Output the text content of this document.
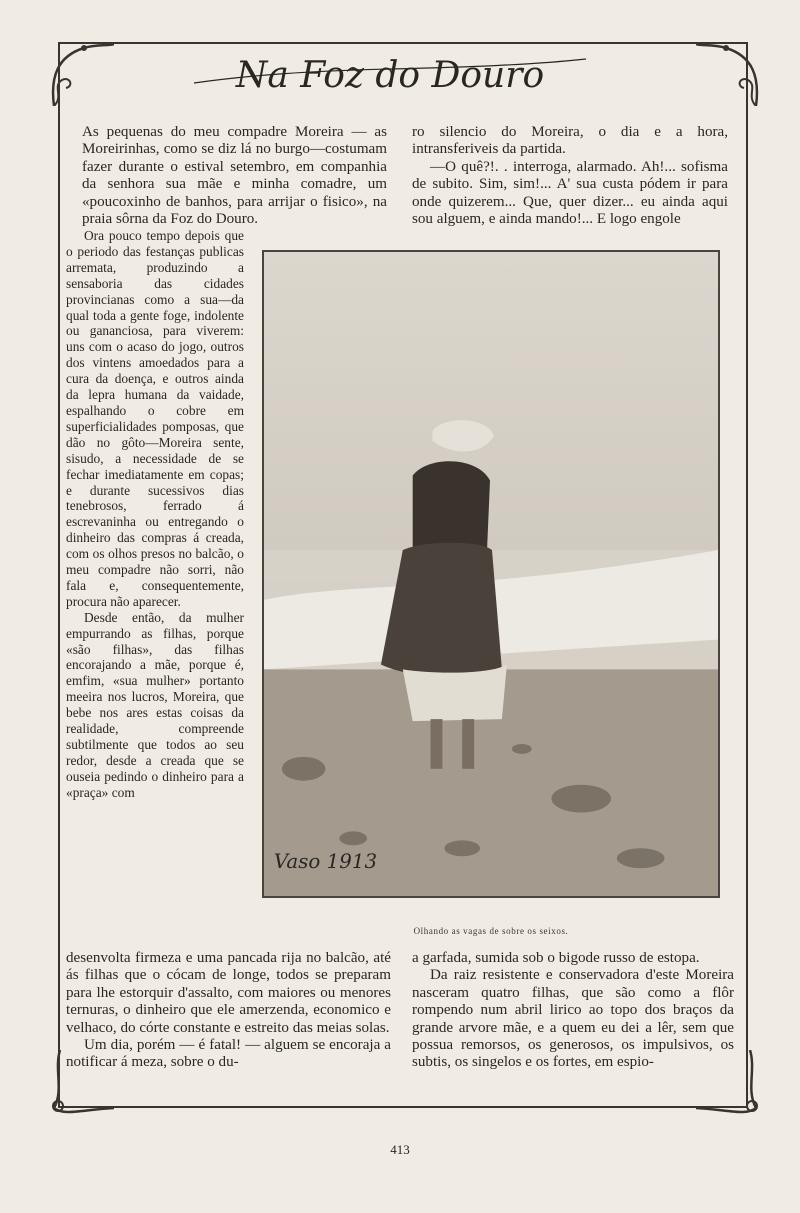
Na Foz do Douro

As pequenas do meu compadre Moreira — as Moreirinhas, como se diz lá no burgo—costumam fazer durante o estival setembro, em companhia da senhora sua mãe e minha comadre, um «poucoxinho de banhos, para arrijar o fisico», na praia sôrna da Foz do Douro.

ro silencio do Moreira, o dia e a hora, intransferiveis da partida.

—O quê?!. . interroga, alarmado. Ah!... sofisma de subito. Sim, sim!... A' sua custa pódem ir para onde quizerem... Que, quer dizer... eu ainda aqui sou alguem, e ainda mando!... E logo engole

Ora pouco tempo depois que o periodo das festanças publicas arremata, produzindo a sensaboria das cidades provincianas como a sua—da qual toda a gente foge, indolente ou gananciosa, para viverem: uns com o acaso do jogo, outros dos vintens amoedados para a cura da doença, e outros ainda da lepra humana da vaidade, espalhando o cobre em superficialidades pomposas, que dão no gôto—Moreira sente, sisudo, a necessidade de se fechar imediatamente em copas; e durante sucessivos dias tenebrosos, ferrado á escrevaninha ou entregando o dinheiro das compras á creada, com os olhos presos no balcão, o meu compadre não sorri, não fala e, consequentemente, procura não aparecer.

Desde então, da mulher empurrando as filhas, porque «são filhas», das filhas encorajando a mãe, porque é, emfim, «sua mulher» portanto meeira nos lucros, Moreira, que bebe nos ares estas coisas da realidade, compreende subtilmente que todos ao seu redor, desde a creada que se ouseia pedindo o dinheiro para a «praça» com

Vaso 1913
Olhando as vagas de sobre os seixos.

desenvolta firmeza e uma pancada rija no balcão, até ás filhas que o cócam de longe, todos se preparam para lhe estorquir d'assalto, com maiores ou menores ternuras, o dinheiro que ele amerzenda, economico e velhaco, do córte constante e estreito das meias solas.

Um dia, porém — é fatal! — alguem se encoraja a notificar á meza, sobre o du-

a garfada, sumida sob o bigode russo de estopa.

Da raiz resistente e conservadora d'este Moreira nasceram quatro filhas, que são como a flôr rompendo num abril lirico ao topo dos braços da grande arvore mãe, e a quem eu dei a lêr, sem que possua remorsos, os generosos, os impulsivos, os subtis, os singelos e os fortes, em espio-

413
